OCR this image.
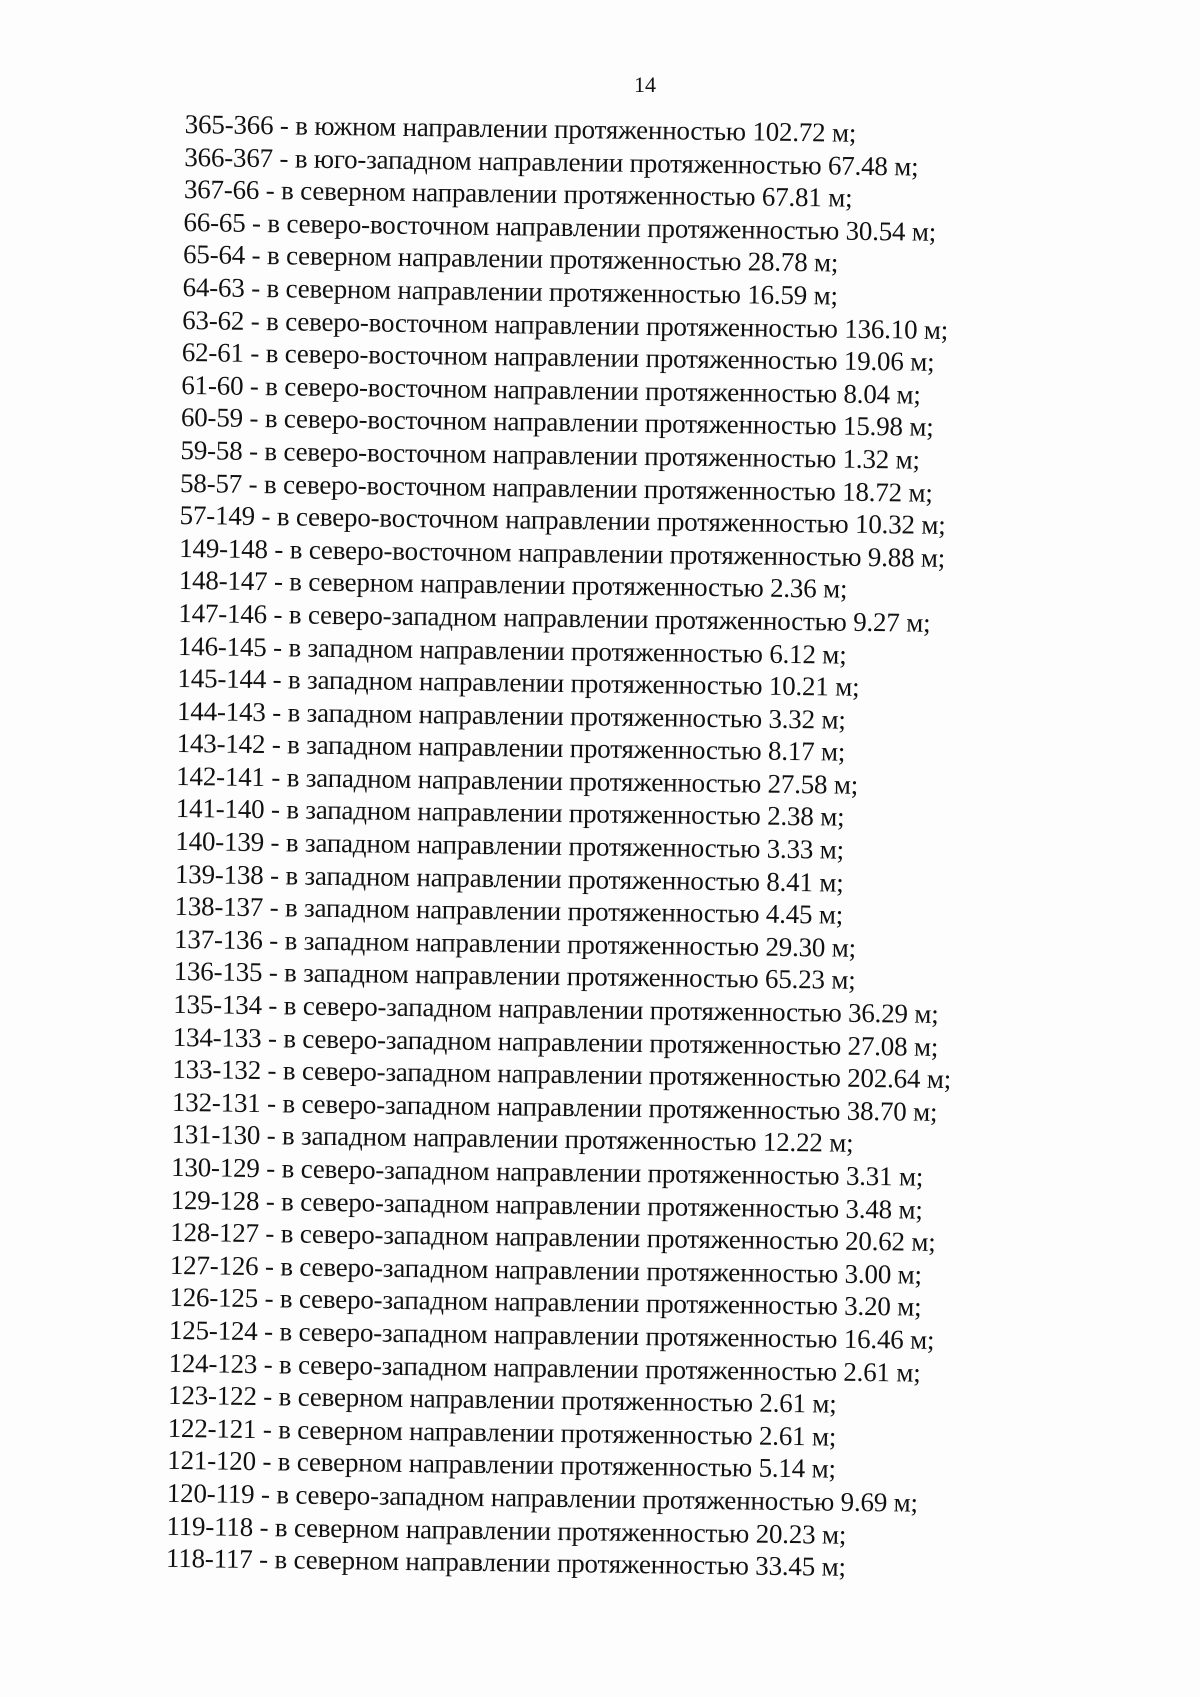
14
365-366 - в южном направлении протяженностью 102.72 м;
366-367 - в юго-западном направлении протяженностью 67.48 м;
367-66 - в северном направлении протяженностью 67.81 м;
66-65 - в северо-восточном направлении протяженностью 30.54 м;
65-64 - в северном направлении протяженностью 28.78 м;
64-63 - в северном направлении протяженностью 16.59 м;
63-62 - в северо-восточном направлении протяженностью 136.10 м;
62-61 - в северо-восточном направлении протяженностью 19.06 м;
61-60 - в северо-восточном направлении протяженностью 8.04 м;
60-59 - в северо-восточном направлении протяженностью 15.98 м;
59-58 - в северо-восточном направлении протяженностью 1.32 м;
58-57 - в северо-восточном направлении протяженностью 18.72 м;
57-149 - в северо-восточном направлении протяженностью 10.32 м;
149-148 - в северо-восточном направлении протяженностью 9.88 м;
148-147 - в северном направлении протяженностью 2.36 м;
147-146 - в северо-западном направлении протяженностью 9.27 м;
146-145 - в западном направлении протяженностью 6.12 м;
145-144 - в западном направлении протяженностью 10.21 м;
144-143 - в западном направлении протяженностью 3.32 м;
143-142 - в западном направлении протяженностью 8.17 м;
142-141 - в западном направлении протяженностью 27.58 м;
141-140 - в западном направлении протяженностью 2.38 м;
140-139 - в западном направлении протяженностью 3.33 м;
139-138 - в западном направлении протяженностью 8.41 м;
138-137 - в западном направлении протяженностью 4.45 м;
137-136 - в западном направлении протяженностью 29.30 м;
136-135 - в западном направлении протяженностью 65.23 м;
135-134 - в северо-западном направлении протяженностью 36.29 м;
134-133 - в северо-западном направлении протяженностью 27.08 м;
133-132 - в северо-западном направлении протяженностью 202.64 м;
132-131 - в северо-западном направлении протяженностью 38.70 м;
131-130 - в западном направлении протяженностью 12.22 м;
130-129 - в северо-западном направлении протяженностью 3.31 м;
129-128 - в северо-западном направлении протяженностью 3.48 м;
128-127 - в северо-западном направлении протяженностью 20.62 м;
127-126 - в северо-западном направлении протяженностью 3.00 м;
126-125 - в северо-западном направлении протяженностью 3.20 м;
125-124 - в северо-западном направлении протяженностью 16.46 м;
124-123 - в северо-западном направлении протяженностью 2.61 м;
123-122 - в северном направлении протяженностью 2.61 м;
122-121 - в северном направлении протяженностью 2.61 м;
121-120 - в северном направлении протяженностью 5.14 м;
120-119 - в северо-западном направлении протяженностью 9.69 м;
119-118 - в северном направлении протяженностью 20.23 м;
118-117 - в северном направлении протяженностью 33.45 м;
